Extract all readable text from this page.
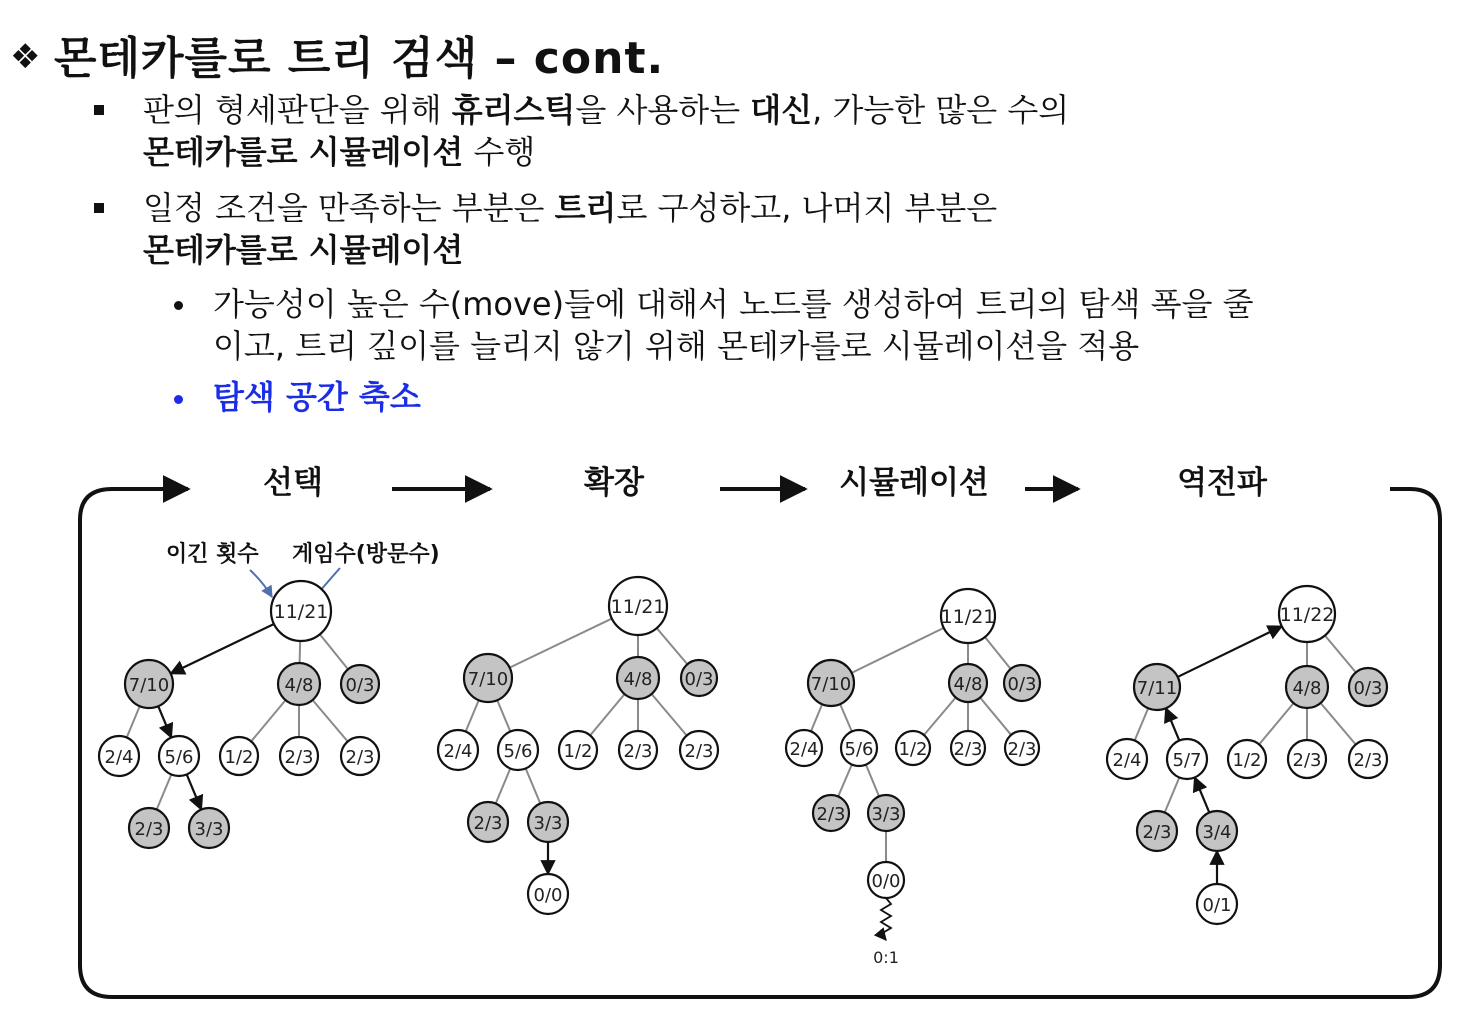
❖ 몬테카를로 트리 검색 – cont.
판의 형세판단을 위해 휴리스틱을 사용하는 대신, 가능한 많은 수의
몬테카를로 시뮬레이션 수행
일정 조건을 만족하는 부분은 트리로 구성하고, 나머지 부분은
몬테카를로 시뮬레이션
가능성이 높은 수(move)들에 대해서 노드를 생성하여 트리의 탐색 폭을 줄
이고, 트리 깊이를 늘리지 않기 위해 몬테카를로 시뮬레이션을 적용
탐색 공간 축소
선택	확장	시뮬레이션	역전파
이긴 횟수 게임수(방문수)
11/21
7/10	4/8 0/3
2/4 5/6 1/2 2/3 2/3
2/3 3/3
11/21
7/10	4/8 0/3
2/4 5/6 1/2 2/3 2/3
2/3 3/3
0/0
11/21
7/10	4/8 0/3
2/4 5/6 1/2 2/3 2/3
2/3 3/3
0/0
0:1
11/22
7/11	4/8 0/3
2/4 5/7 1/2 2/3 2/3
2/3 3/4
0/1
